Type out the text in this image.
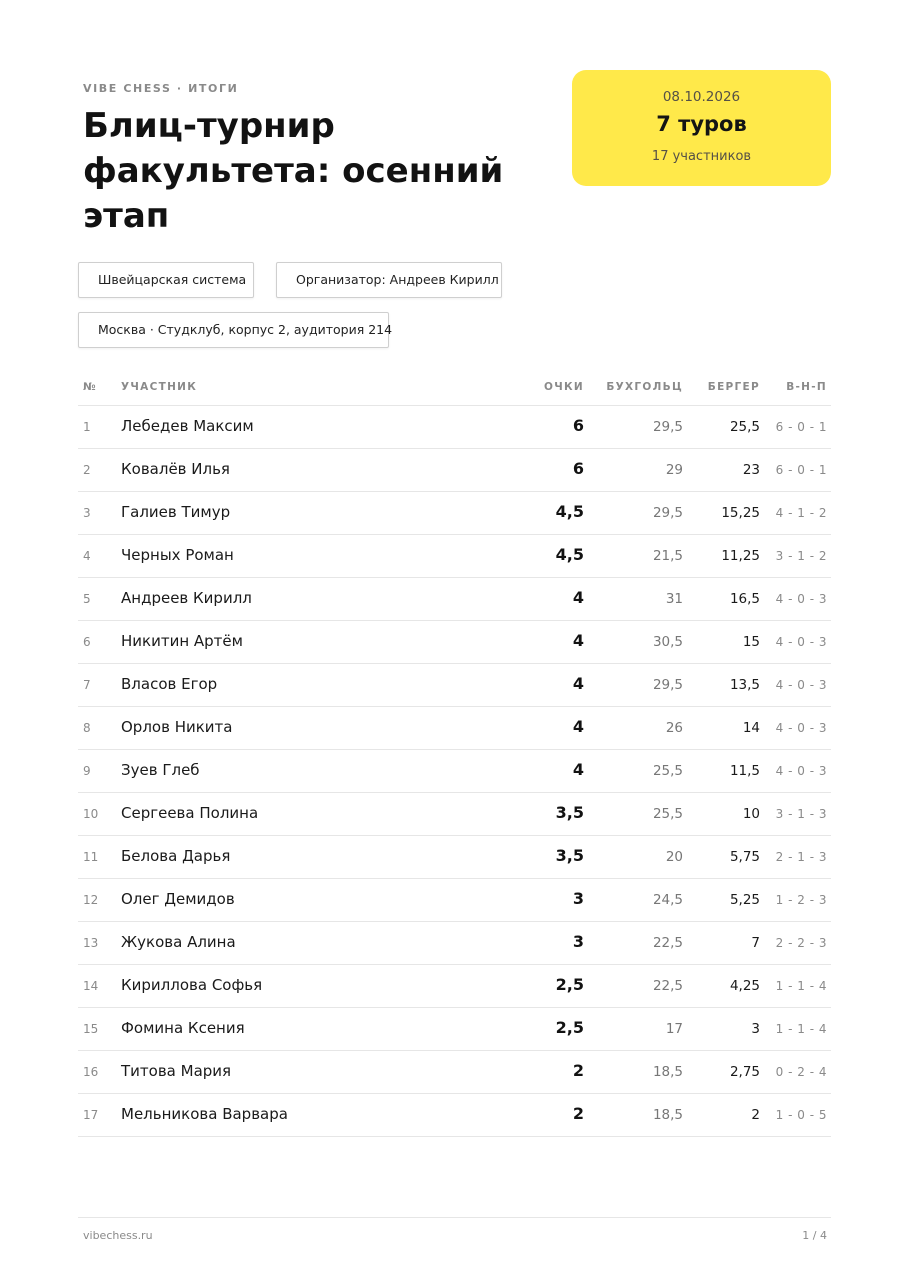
VIBE CHESS · ИТОГИ
Блиц-турнир факультета: осенний этап
08.10.2026
7 туров
17 участников
Швейцарская система	Организатор: Андреев Кирилл
Москва · Студклуб, корпус 2, аудитория 214
№ УЧАСТНИК	ОЧКИ БУХГОЛЬЦ БЕРГЕР В-Н-П
1 Лебедев Максим	6	29,5	25,5 6 - 0 - 1
2 Ковалёв Илья	6	29	23 6 - 0 - 1
3 Галиев Тимур	4,5	29,5	15,25 4 - 1 - 2
4 Черных Роман	4,5	21,5	11,25 3 - 1 - 2
5 Андреев Кирилл	4	31	16,5 4 - 0 - 3
6 Никитин Артём	4	30,5	15 4 - 0 - 3
7 Власов Егор	4	29,5	13,5 4 - 0 - 3
8 Орлов Никита	4	26	14 4 - 0 - 3
9 Зуев Глеб	4	25,5	11,5 4 - 0 - 3
10 Сергеева Полина	3,5	25,5	10 3 - 1 - 3
11 Белова Дарья	3,5	20	5,75 2 - 1 - 3
12 Олег Демидов	3	24,5	5,25 1 - 2 - 3
13 Жукова Алина	3	22,5	7 2 - 2 - 3
14 Кириллова Софья	2,5	22,5	4,25 1 - 1 - 4
15 Фомина Ксения	2,5	17	3 1 - 1 - 4
16 Титова Мария	2	18,5	2,75 0 - 2 - 4
17 Мельникова Варвара	2	18,5	2 1 - 0 - 5
vibechess.ru	1 / 4
